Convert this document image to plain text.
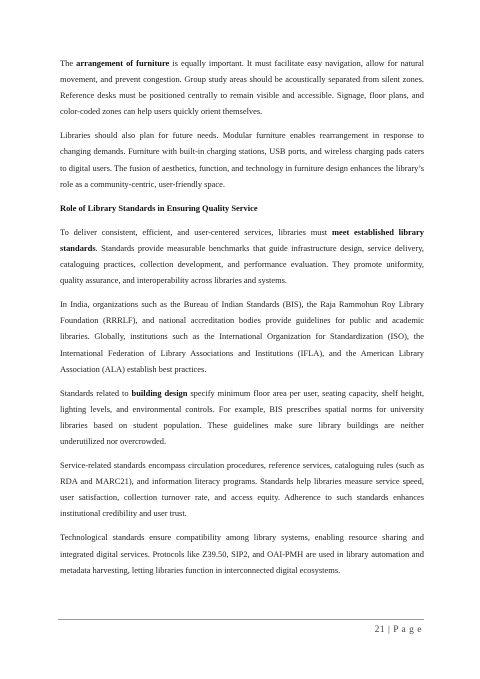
The arrangement of furniture is equally important. It must facilitate easy navigation, allow for natural movement, and prevent congestion. Group study areas should be acoustically separated from silent zones. Reference desks must be positioned centrally to remain visible and accessible. Signage, floor plans, and color-coded zones can help users quickly orient themselves.

Libraries should also plan for future needs. Modular furniture enables rearrangement in response to changing demands. Furniture with built-in charging stations, USB ports, and wireless charging pads caters to digital users. The fusion of aesthetics, function, and technology in furniture design enhances the library’s role as a community-centric, user-friendly space.

Role of Library Standards in Ensuring Quality Service

To deliver consistent, efficient, and user-centered services, libraries must meet established library standards. Standards provide measurable benchmarks that guide infrastructure design, service delivery, cataloguing practices, collection development, and performance evaluation. They promote uniformity, quality assurance, and interoperability across libraries and systems.

In India, organizations such as the Bureau of Indian Standards (BIS), the Raja Rammohun Roy Library Foundation (RRRLF), and national accreditation bodies provide guidelines for public and academic libraries. Globally, institutions such as the International Organization for Standardization (ISO), the International Federation of Library Associations and Institutions (IFLA), and the American Library Association (ALA) establish best practices.

Standards related to building design specify minimum floor area per user, seating capacity, shelf height, lighting levels, and environmental controls. For example, BIS prescribes spatial norms for university libraries based on student population. These guidelines make sure library buildings are neither underutilized nor overcrowded.

Service-related standards encompass circulation procedures, reference services, cataloguing rules (such as RDA and MARC21), and information literacy programs. Standards help libraries measure service speed, user satisfaction, collection turnover rate, and access equity. Adherence to such standards enhances institutional credibility and user trust.

Technological standards ensure compatibility among library systems, enabling resource sharing and integrated digital services. Protocols like Z39.50, SIP2, and OAI-PMH are used in library automation and metadata harvesting, letting libraries function in interconnected digital ecosystems.

21 | P a g e
